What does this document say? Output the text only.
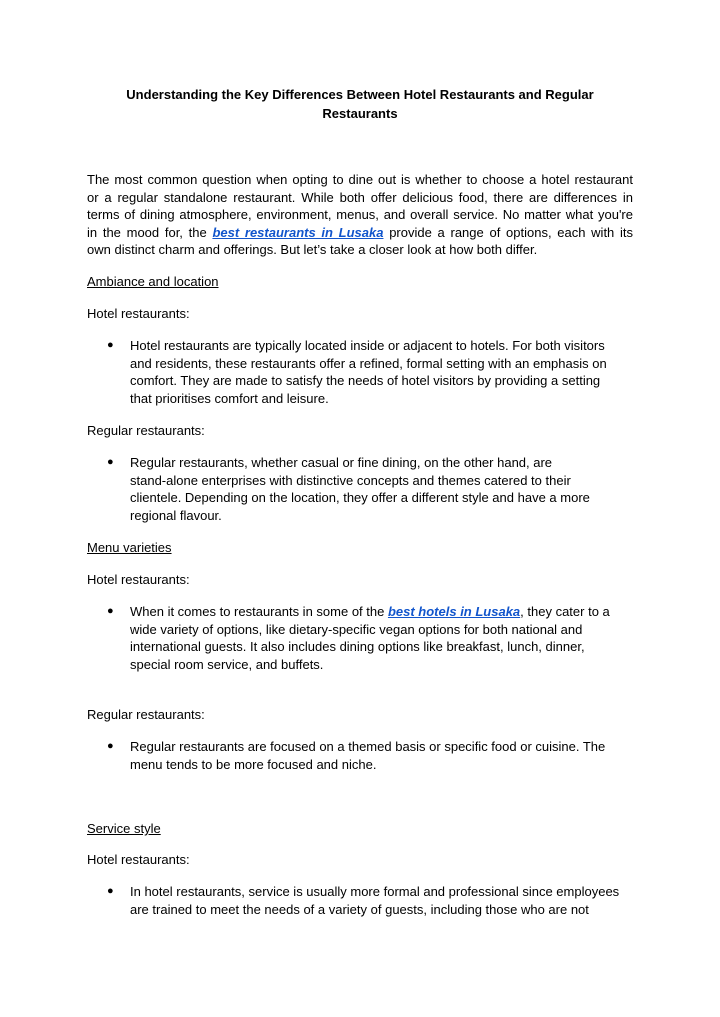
Understanding the Key Differences Between Hotel Restaurants and Regular
Restaurants
The most common question when opting to dine out is whether to choose a hotel restaurant
or a regular standalone restaurant. While both offer delicious food, there are differences in
terms of dining atmosphere, environment, menus, and overall service. No matter what you're
in the mood for, the best restaurants in Lusaka provide a range of options, each with its
own distinct charm and offerings. But let’s take a closer look at how both differ.
Ambiance and location
Hotel restaurants:
● Hotel restaurants are typically located inside or adjacent to hotels. For both visitors
and residents, these restaurants offer a refined, formal setting with an emphasis on
comfort. They are made to satisfy the needs of hotel visitors by providing a setting
that prioritises comfort and leisure.
Regular restaurants:
● Regular restaurants, whether casual or fine dining, on the other hand, are
stand-alone enterprises with distinctive concepts and themes catered to their
clientele. Depending on the location, they offer a different style and have a more
regional flavour.
Menu varieties
Hotel restaurants:
● When it comes to restaurants in some of the best hotels in Lusaka, they cater to a
wide variety of options, like dietary-specific vegan options for both national and
international guests. It also includes dining options like breakfast, lunch, dinner,
special room service, and buffets.
Regular restaurants:
● Regular restaurants are focused on a themed basis or specific food or cuisine. The
menu tends to be more focused and niche.
Service style
Hotel restaurants:
● In hotel restaurants, service is usually more formal and professional since employees
are trained to meet the needs of a variety of guests, including those who are not
